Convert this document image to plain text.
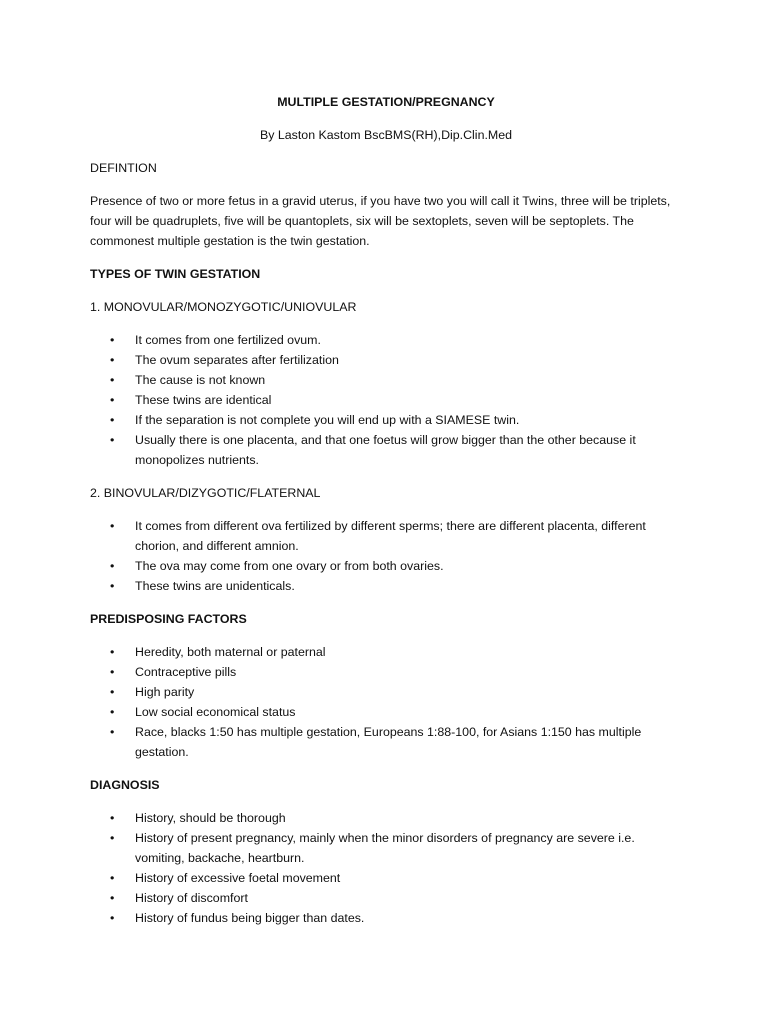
MULTIPLE GESTATION/PREGNANCY

By Laston Kastom BscBMS(RH),Dip.Clin.Med

DEFINTION

Presence of two or more fetus in a gravid uterus, if you have two you will call it Twins, three will be triplets, four will be quadruplets, five will be quantoplets, six will be sextoplets, seven will be septoplets. The commonest multiple gestation is the twin gestation.

TYPES OF TWIN GESTATION

1. MONOVULAR/MONOZYGOTIC/UNIOVULAR

• It comes from one fertilized ovum.
• The ovum separates after fertilization
• The cause is not known
• These twins are identical
• If the separation is not complete you will end up with a SIAMESE twin.
• Usually there is one placenta, and that one foetus will grow bigger than the other because it monopolizes nutrients.

2. BINOVULAR/DIZYGOTIC/FLATERNAL

• It comes from different ova fertilized by different sperms; there are different placenta, different chorion, and different amnion.
• The ova may come from one ovary or from both ovaries.
• These twins are unidenticals.

PREDISPOSING FACTORS

• Heredity, both maternal or paternal
• Contraceptive pills
• High parity
• Low social economical status
• Race, blacks 1:50 has multiple gestation, Europeans 1:88-100, for Asians 1:150 has multiple gestation.

DIAGNOSIS

• History, should be thorough
• History of present pregnancy, mainly when the minor disorders of pregnancy are severe i.e. vomiting, backache, heartburn.
• History of excessive foetal movement
• History of discomfort
• History of fundus being bigger than dates.
